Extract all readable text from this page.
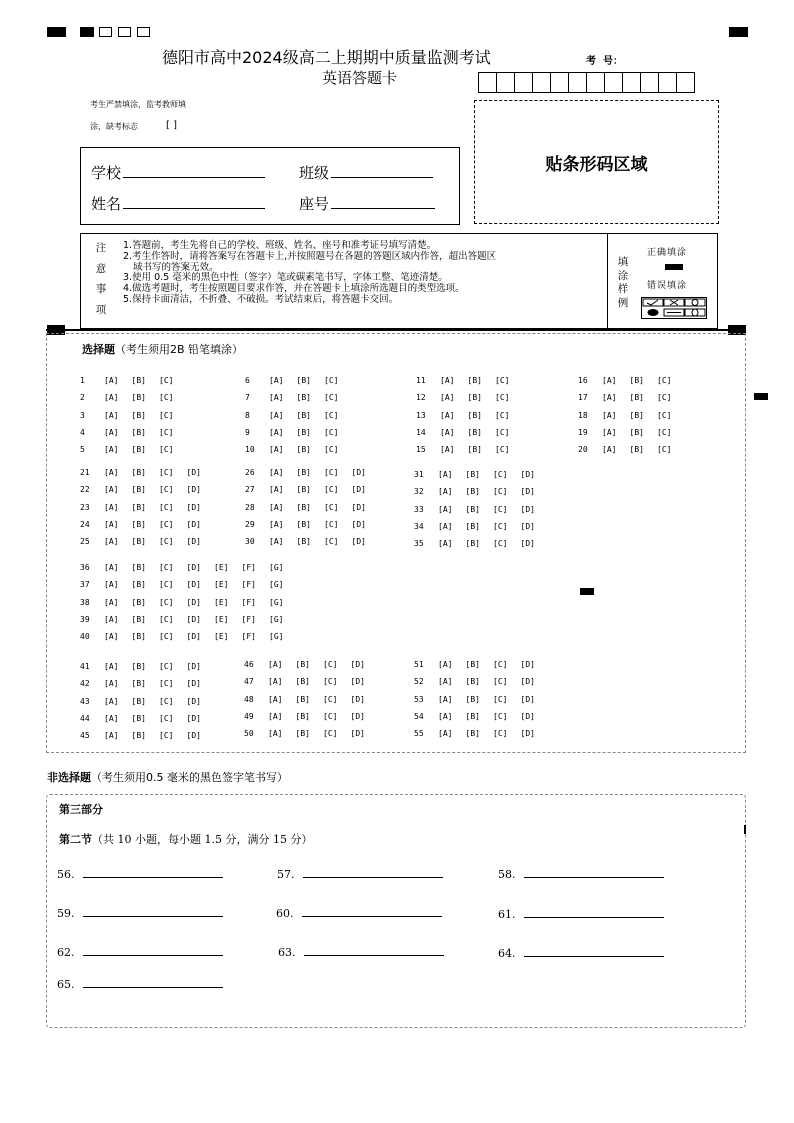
德阳市高中2024级高二上期期中质量监测考试
英语答题卡
考  号：
考生严禁填涂，监考教师填
涂，缺考标志	[ ]
学校	班级
姓名	座号
贴条形码区域
注
意
事
项
1.答题前，考生先将自己的学校、班级、姓名、座号和准考证号填写清楚。
2.考生作答时，请将答案写在答题卡上,并按照题号在各题的答题区域内作答，超出答题区
域书写的答案无效。
3.使用 0.5 毫米的黑色中性（签字）笔或碳素笔书写，字体工整、笔迹清楚。
4.做选考题时，考生按照题目要求作答，并在答题卡上填涂所选题目的类型选项。
5.保持卡面清洁，不折叠、不破损。考试结束后，将答题卡交回。
填
涂
样
例
正确填涂
错误填涂
选择题（考生须用2B 铅笔填涂）
1 [A] [B] [C]
2 [A] [B] [C]
3 [A] [B] [C]
4 [A] [B] [C]
5 [A] [B] [C]
6 [A] [B] [C]
7 [A] [B] [C]
8 [A] [B] [C]
9 [A] [B] [C]
10 [A] [B] [C]
11 [A] [B] [C]
12 [A] [B] [C]
13 [A] [B] [C]
14 [A] [B] [C]
15 [A] [B] [C]
16 [A] [B] [C]
17 [A] [B] [C]
18 [A] [B] [C]
19 [A] [B] [C]
20 [A] [B] [C]
21 [A] [B] [C] [D]
22 [A] [B] [C] [D]
23 [A] [B] [C] [D]
24 [A] [B] [C] [D]
25 [A] [B] [C] [D]
26 [A] [B] [C] [D]
27 [A] [B] [C] [D]
28 [A] [B] [C] [D]
29 [A] [B] [C] [D]
30 [A] [B] [C] [D]
31 [A] [B] [C] [D]
32 [A] [B] [C] [D]
33 [A] [B] [C] [D]
34 [A] [B] [C] [D]
35 [A] [B] [C] [D]
36 [A] [B] [C] [D] [E] [F] [G]
37 [A] [B] [C] [D] [E] [F] [G]
38 [A] [B] [C] [D] [E] [F] [G]
39 [A] [B] [C] [D] [E] [F] [G]
40 [A] [B] [C] [D] [E] [F] [G]
41 [A] [B] [C] [D]
42 [A] [B] [C] [D]
43 [A] [B] [C] [D]
44 [A] [B] [C] [D]
45 [A] [B] [C] [D]
46 [A] [B] [C] [D]
47 [A] [B] [C] [D]
48 [A] [B] [C] [D]
49 [A] [B] [C] [D]
50 [A] [B] [C] [D]
51 [A] [B] [C] [D]
52 [A] [B] [C] [D]
53 [A] [B] [C] [D]
54 [A] [B] [C] [D]
55 [A] [B] [C] [D]
非选择题（考生须用0.5 毫米的黑色签字笔书写）
第三部分
第二节（共 10 小题，每小题 1.5 分，满分 15 分）
56.	57.	58.
59.	60.	61.
62.	63.	64.
65.
